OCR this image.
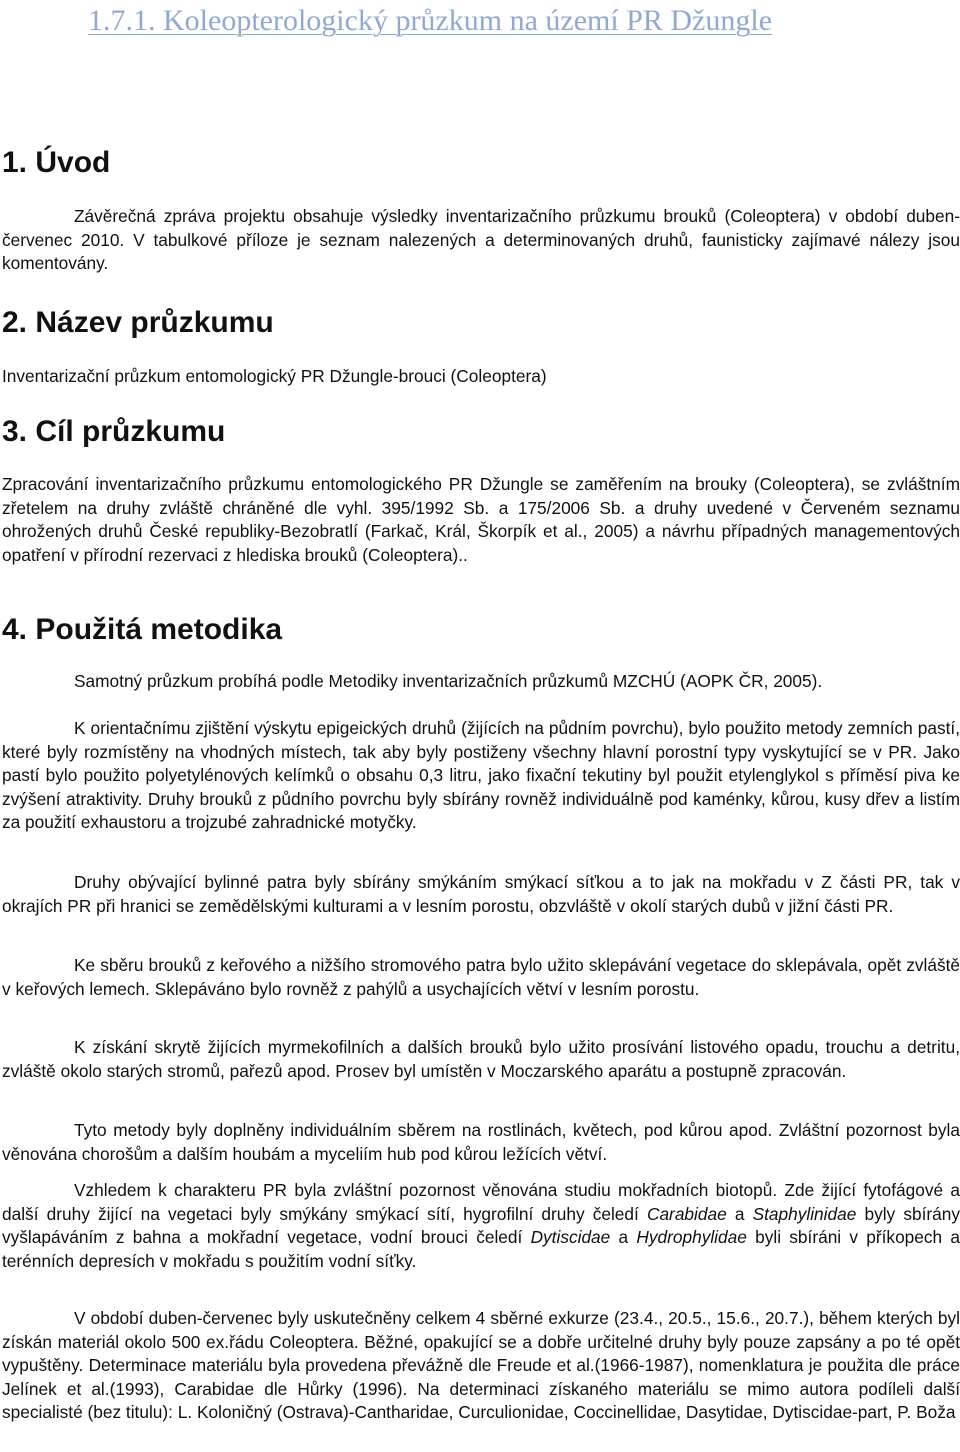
1.7.1. Koleopterologický průzkum na území PR Džungle
1. Úvod

Závěrečná zpráva projektu obsahuje výsledky inventarizačního průzkumu brouků (Coleoptera) v období duben-červenec 2010. V tabulkové příloze je seznam nalezených a determinovaných druhů, faunisticky zajímavé nálezy jsou komentovány.

2. Název průzkumu

Inventarizační průzkum entomologický PR Džungle-brouci (Coleoptera)

3. Cíl průzkumu

Zpracování inventarizačního průzkumu entomologického PR Džungle se zaměřením na brouky (Coleoptera), se zvláštním zřetelem na druhy zvláště chráněné dle vyhl. 395/1992 Sb. a 175/2006 Sb. a druhy uvedené v Červeném seznamu ohrožených druhů České republiky-Bezobratlí (Farkač, Král, Škorpík et al., 2005) a návrhu případných managementových opatření v přírodní rezervaci z hlediska brouků (Coleoptera)..

4. Použitá metodika

Samotný průzkum probíhá podle Metodiky inventarizačních průzkumů MZCHÚ (AOPK ČR, 2005).

K orientačnímu zjištění výskytu epigeických druhů (žijících na půdním povrchu), bylo použito metody zemních pastí, které byly rozmístěny na vhodných místech, tak aby byly postiženy všechny hlavní porostní typy vyskytující se v PR. Jako pastí bylo použito polyetylénových kelímků o obsahu 0,3 litru, jako fixační tekutiny byl použit etylenglykol s příměsí piva ke zvýšení atraktivity. Druhy brouků z půdního povrchu byly sbírány rovněž individuálně pod kaménky, kůrou, kusy dřev a listím za použití exhaustoru a trojzubé zahradnické motyčky.

Druhy obývající bylinné patra byly sbírány smýkáním smýkací síťkou a to jak na mokřadu v Z části PR, tak v okrajích PR při hranici se zemědělskými kulturami a v lesním porostu, obzvláště v okolí starých dubů v jižní části PR.

Ke sběru brouků z keřového a nižšího stromového patra bylo užito sklepávání vegetace do sklepávala, opět zvláště v keřových lemech. Sklepáváno bylo rovněž z pahýlů a usychajících větví v lesním porostu.

K získání skrytě žijících myrmekofilních a dalších brouků bylo užito prosívání listového opadu, trouchu a detritu, zvláště okolo starých stromů, pařezů apod. Prosev byl umístěn v Moczarského aparátu a postupně zpracován.

Tyto metody byly doplněny individuálním sběrem na rostlinách, květech, pod kůrou apod. Zvláštní pozornost byla věnována chorošům a dalším houbám a myceliím hub pod kůrou ležících větví.

Vzhledem k charakteru PR byla zvláštní pozornost věnována studiu mokřadních biotopů. Zde žijící fytofágové a další druhy žijící na vegetaci byly smýkány smýkací sítí, hygrofilní druhy čeledí Carabidae a Staphylinidae byly sbírány vyšlapáváním z bahna a mokřadní vegetace, vodní brouci čeledí Dytiscidae a Hydrophylidae byli sbíráni v příkopech a terénních depresích v mokřadu s použitím vodní síťky.

V období duben-červenec byly uskutečněny celkem 4 sběrné exkurze (23.4., 20.5., 15.6., 20.7.), během kterých byl získán materiál okolo 500 ex.řádu Coleoptera. Běžné, opakující se a dobře určitelné druhy byly pouze zapsány a po té opět vypuštěny. Determinace materiálu byla provedena převážně dle Freude et al.(1966-1987), nomenklatura je použita dle práce Jelínek et al.(1993), Carabidae dle Hůrky (1996). Na determinaci získaného materiálu se mimo autora podíleli další specialisté (bez titulu): L. Koloničný (Ostrava)-Cantharidae, Curculionidae, Coccinellidae, Dasytidae, Dytiscidae-part, P. Boža
